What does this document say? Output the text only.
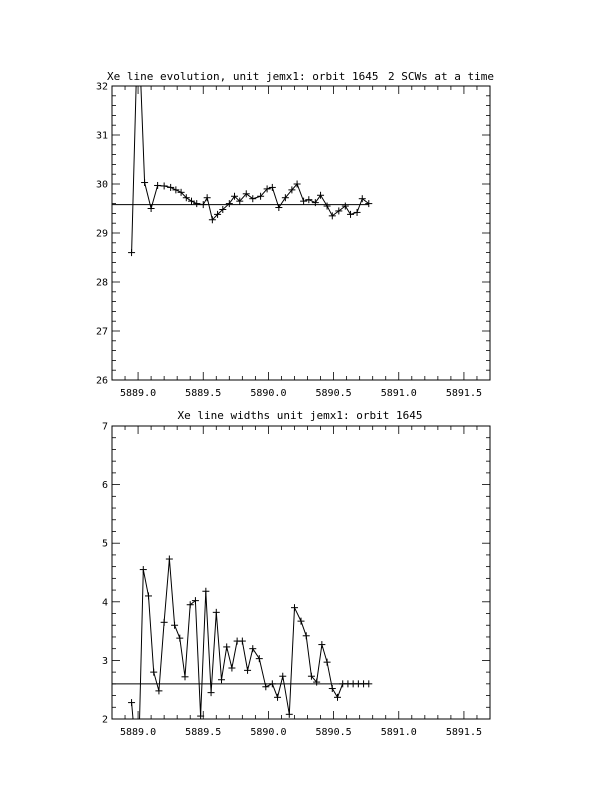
Xe line evolution, unit jemx1: orbit 1645 2 SCWs at a time
5889.0	5889.5	5890.0	5890.5	5891.0	5891.5
26
27
28
29
30
31
32
Xe line widths unit jemx1: orbit 1645
5889.0	5889.5	5890.0	5890.5	5891.0	5891.5
2
3
4
5
6
7
